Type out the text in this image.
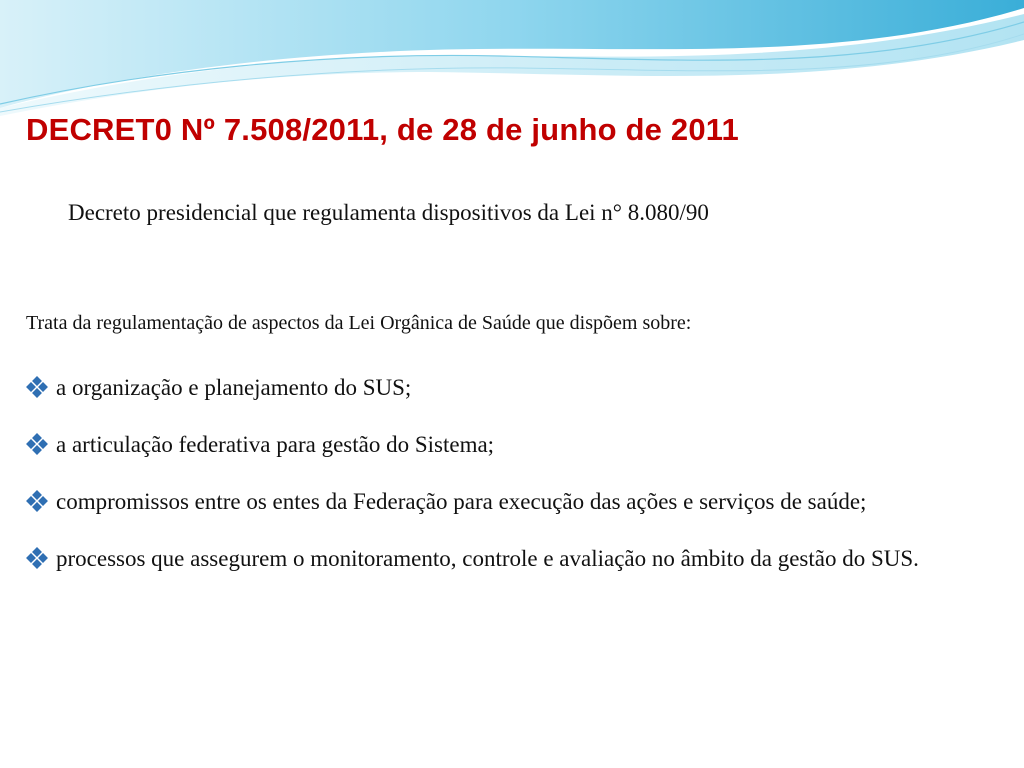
DECRET0 Nº 7.508/2011, de 28 de junho de 2011
Decreto presidencial que regulamenta dispositivos da Lei n° 8.080/90
Trata da regulamentação de aspectos da Lei Orgânica de Saúde que dispõem sobre:
a organização e planejamento do SUS;
a articulação federativa para gestão do Sistema;
compromissos entre os entes da Federação para execução das ações e serviços de saúde;
processos que assegurem o monitoramento, controle e avaliação no âmbito da gestão do SUS.
